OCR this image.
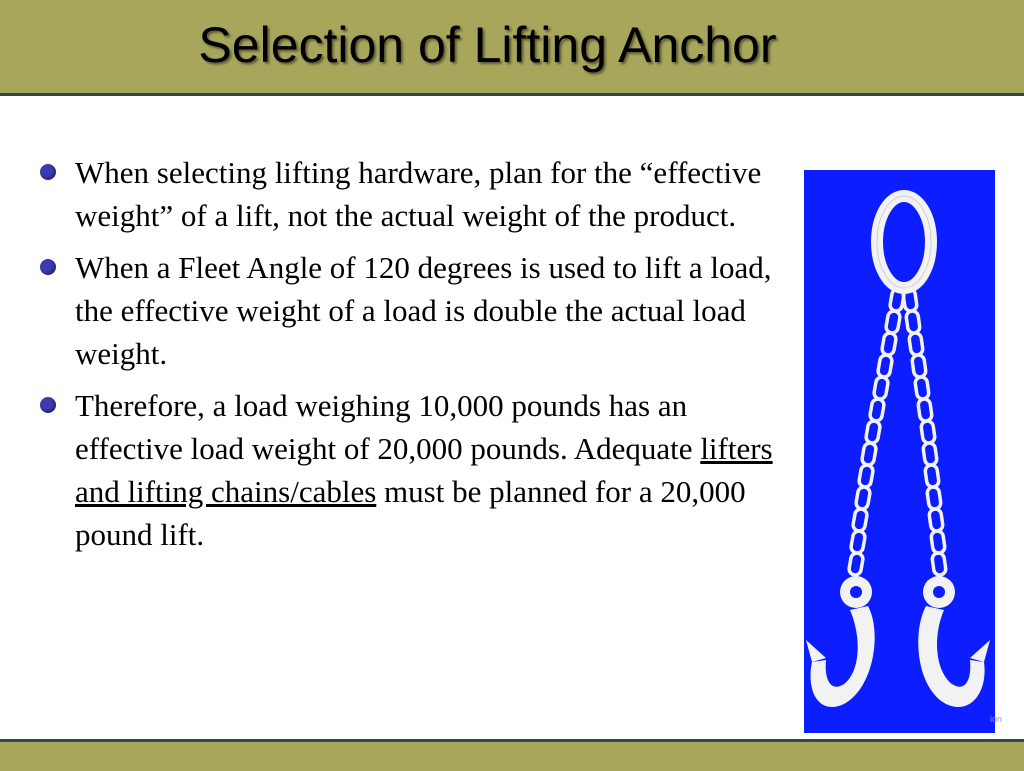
Selection of Lifting Anchor
When selecting lifting hardware, plan for the “effective weight” of a lift, not the actual weight of the product.
When a Fleet Angle of 120 degrees is used to lift a load, the effective weight of a load is double the actual load weight.
Therefore, a load weighing 10,000 pounds has an effective load weight of 20,000 pounds. Adequate lifters and lifting chains/cables must be planned for a 20,000 pound lift.
ion
